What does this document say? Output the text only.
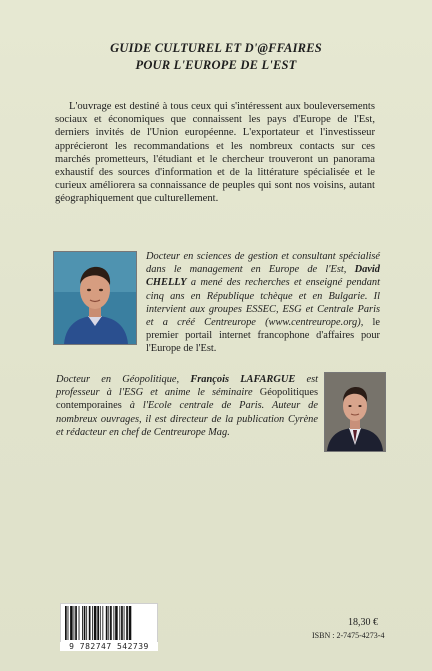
GUIDE CULTUREL ET D'@FFAIRES
POUR L'EUROPE DE L'EST

L'ouvrage est destiné à tous ceux qui s'intéressent aux bouleversements sociaux et économiques que connaissent les pays d'Europe de l'Est, derniers invités de l'Union européenne. L'exportateur et l'investisseur apprécieront les recommandations et les nombreux contacts sur ces marchés prometteurs, l'étudiant et le chercheur trouveront un panorama exhaustif des sources d'information et de la littérature spécialisée et le curieux améliorera sa connaissance de peuples qui sont nos voisins, autant géographiquement que culturellement.

Docteur en sciences de gestion et consultant spécialisé dans le management en Europe de l'Est, David CHELLY a mené des recherches et enseigné pendant cinq ans en République tchèque et en Bulgarie. Il intervient aux groupes ESSEC, ESG et Centrale Paris et a créé Centreurope (www.centreurope.org), le premier portail internet francophone d'affaires pour l'Europe de l'Est.

Docteur en Géopolitique, François LAFARGUE est professeur à l'ESG et anime le séminaire Géopolitiques contemporaines à l'Ecole centrale de Paris. Auteur de nombreux ouvrages, il est directeur de la publication Cyrène et rédacteur en chef de Centreurope Mag.

9 782747 542739
18,30 €
ISBN : 2-7475-4273-4
